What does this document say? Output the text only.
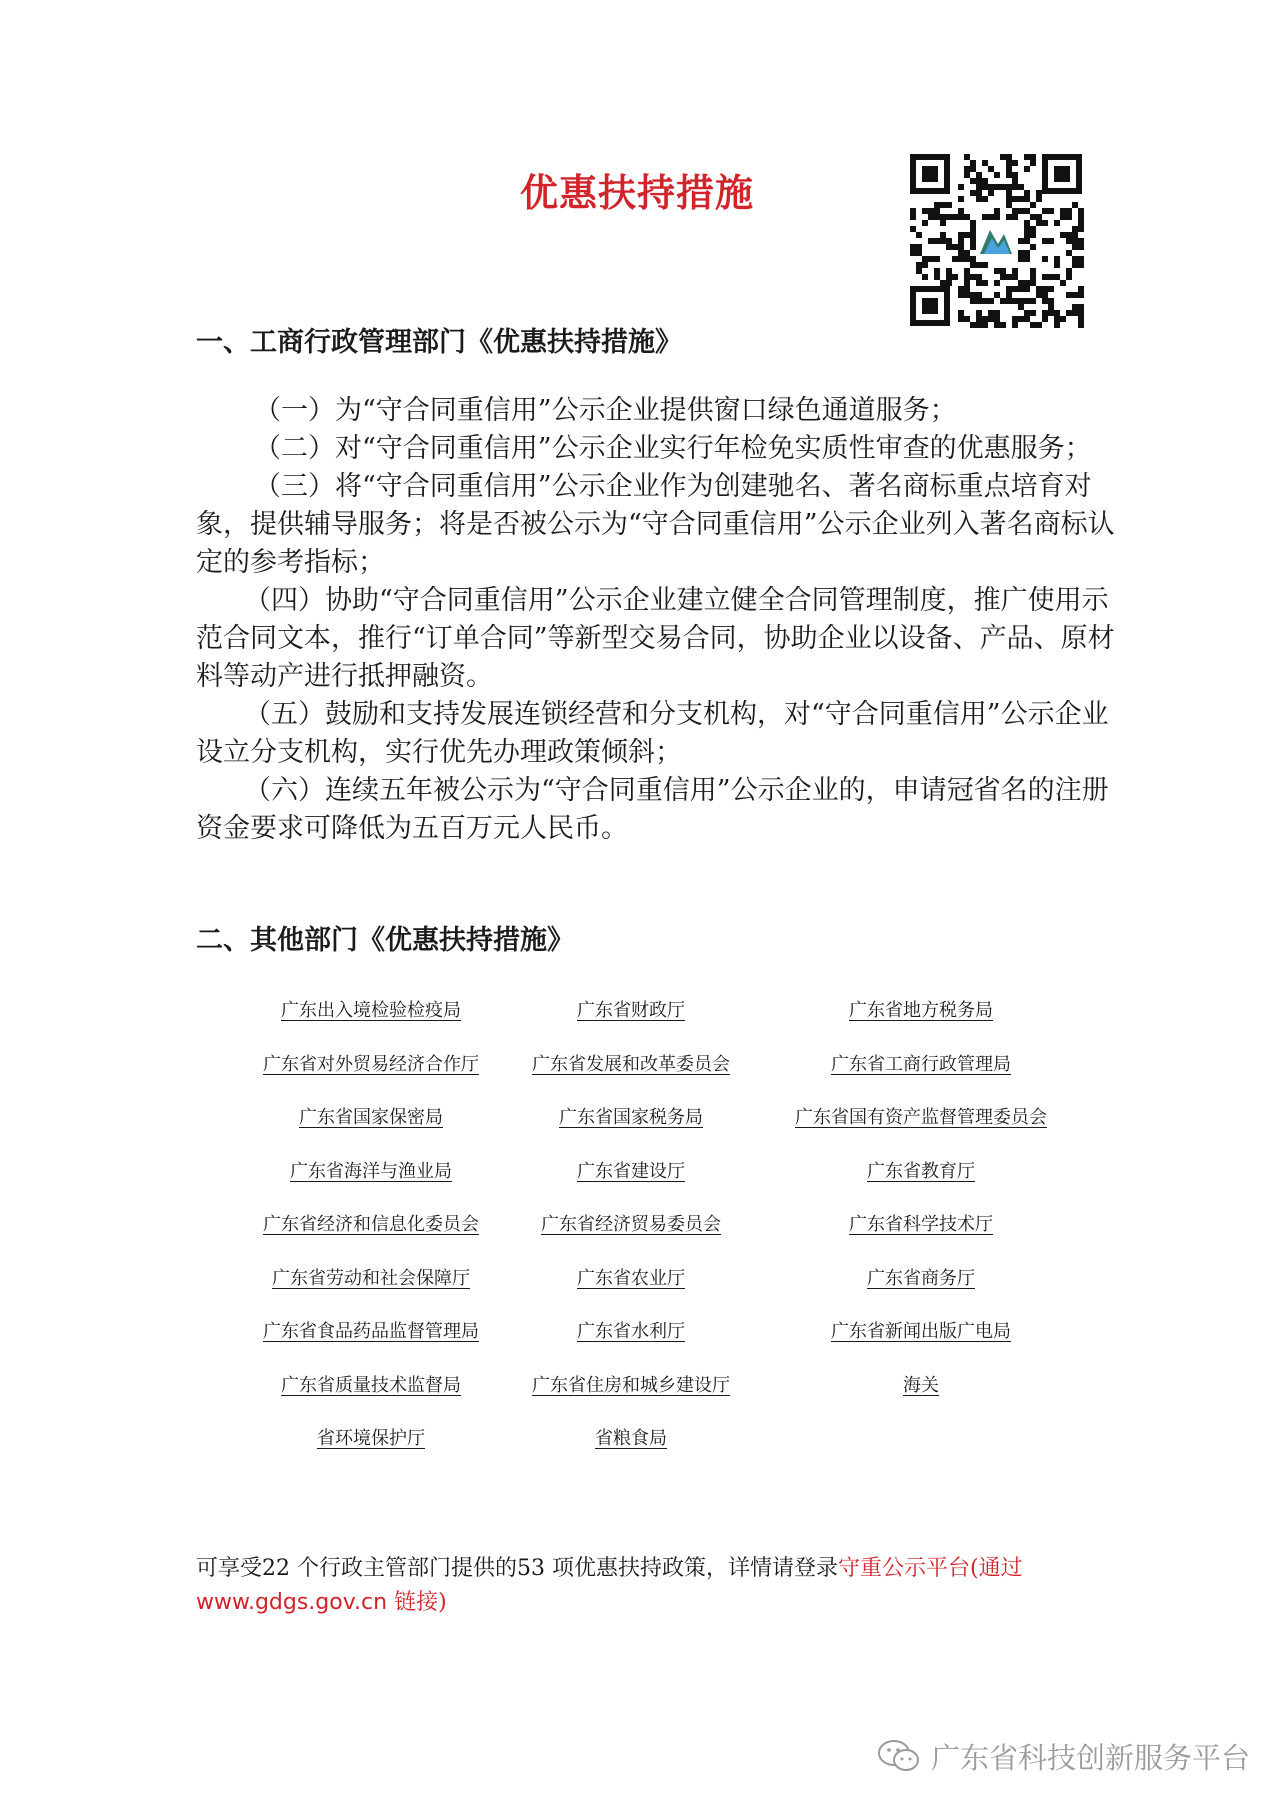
优惠扶持措施
一、工商行政管理部门《优惠扶持措施》

（一）为“守合同重信用”公示企业提供窗口绿色通道服务；

（二）对“守合同重信用”公示企业实行年检免实质性审查的优惠服务；

（三）将“守合同重信用”公示企业作为创建驰名、著名商标重点培育对象，提供辅导服务；将是否被公示为“守合同重信用”公示企业列入著名商标认定的参考指标；

（四）协助“守合同重信用”公示企业建立健全合同管理制度，推广使用示范合同文本，推行“订单合同”等新型交易合同，协助企业以设备、产品、原材料等动产进行抵押融资。

（五）鼓励和支持发展连锁经营和分支机构，对“守合同重信用”公示企业设立分支机构，实行优先办理政策倾斜；

（六）连续五年被公示为“守合同重信用”公示企业的，申请冠省名的注册资金要求可降低为五百万元人民币。

二、其他部门《优惠扶持措施》
广东出入境检验检疫局	广东省财政厅	广东省地方税务局
广东省对外贸易经济合作厅	广东省发展和改革委员会	广东省工商行政管理局
广东省国家保密局	广东省国家税务局	广东省国有资产监督管理委员会
广东省海洋与渔业局	广东省建设厅	广东省教育厅
广东省经济和信息化委员会	广东省经济贸易委员会	广东省科学技术厅
广东省劳动和社会保障厅	广东省农业厅	广东省商务厅
广东省食品药品监督管理局	广东省水利厅	广东省新闻出版广电局
广东省质量技术监督局	广东省住房和城乡建设厅	海关
省环境保护厅	省粮食局
可享受22 个行政主管部门提供的53 项优惠扶持政策，详情请登录守重公示平台(通过
www.gdgs.gov.cn 链接)
广东省科技创新服务平台
